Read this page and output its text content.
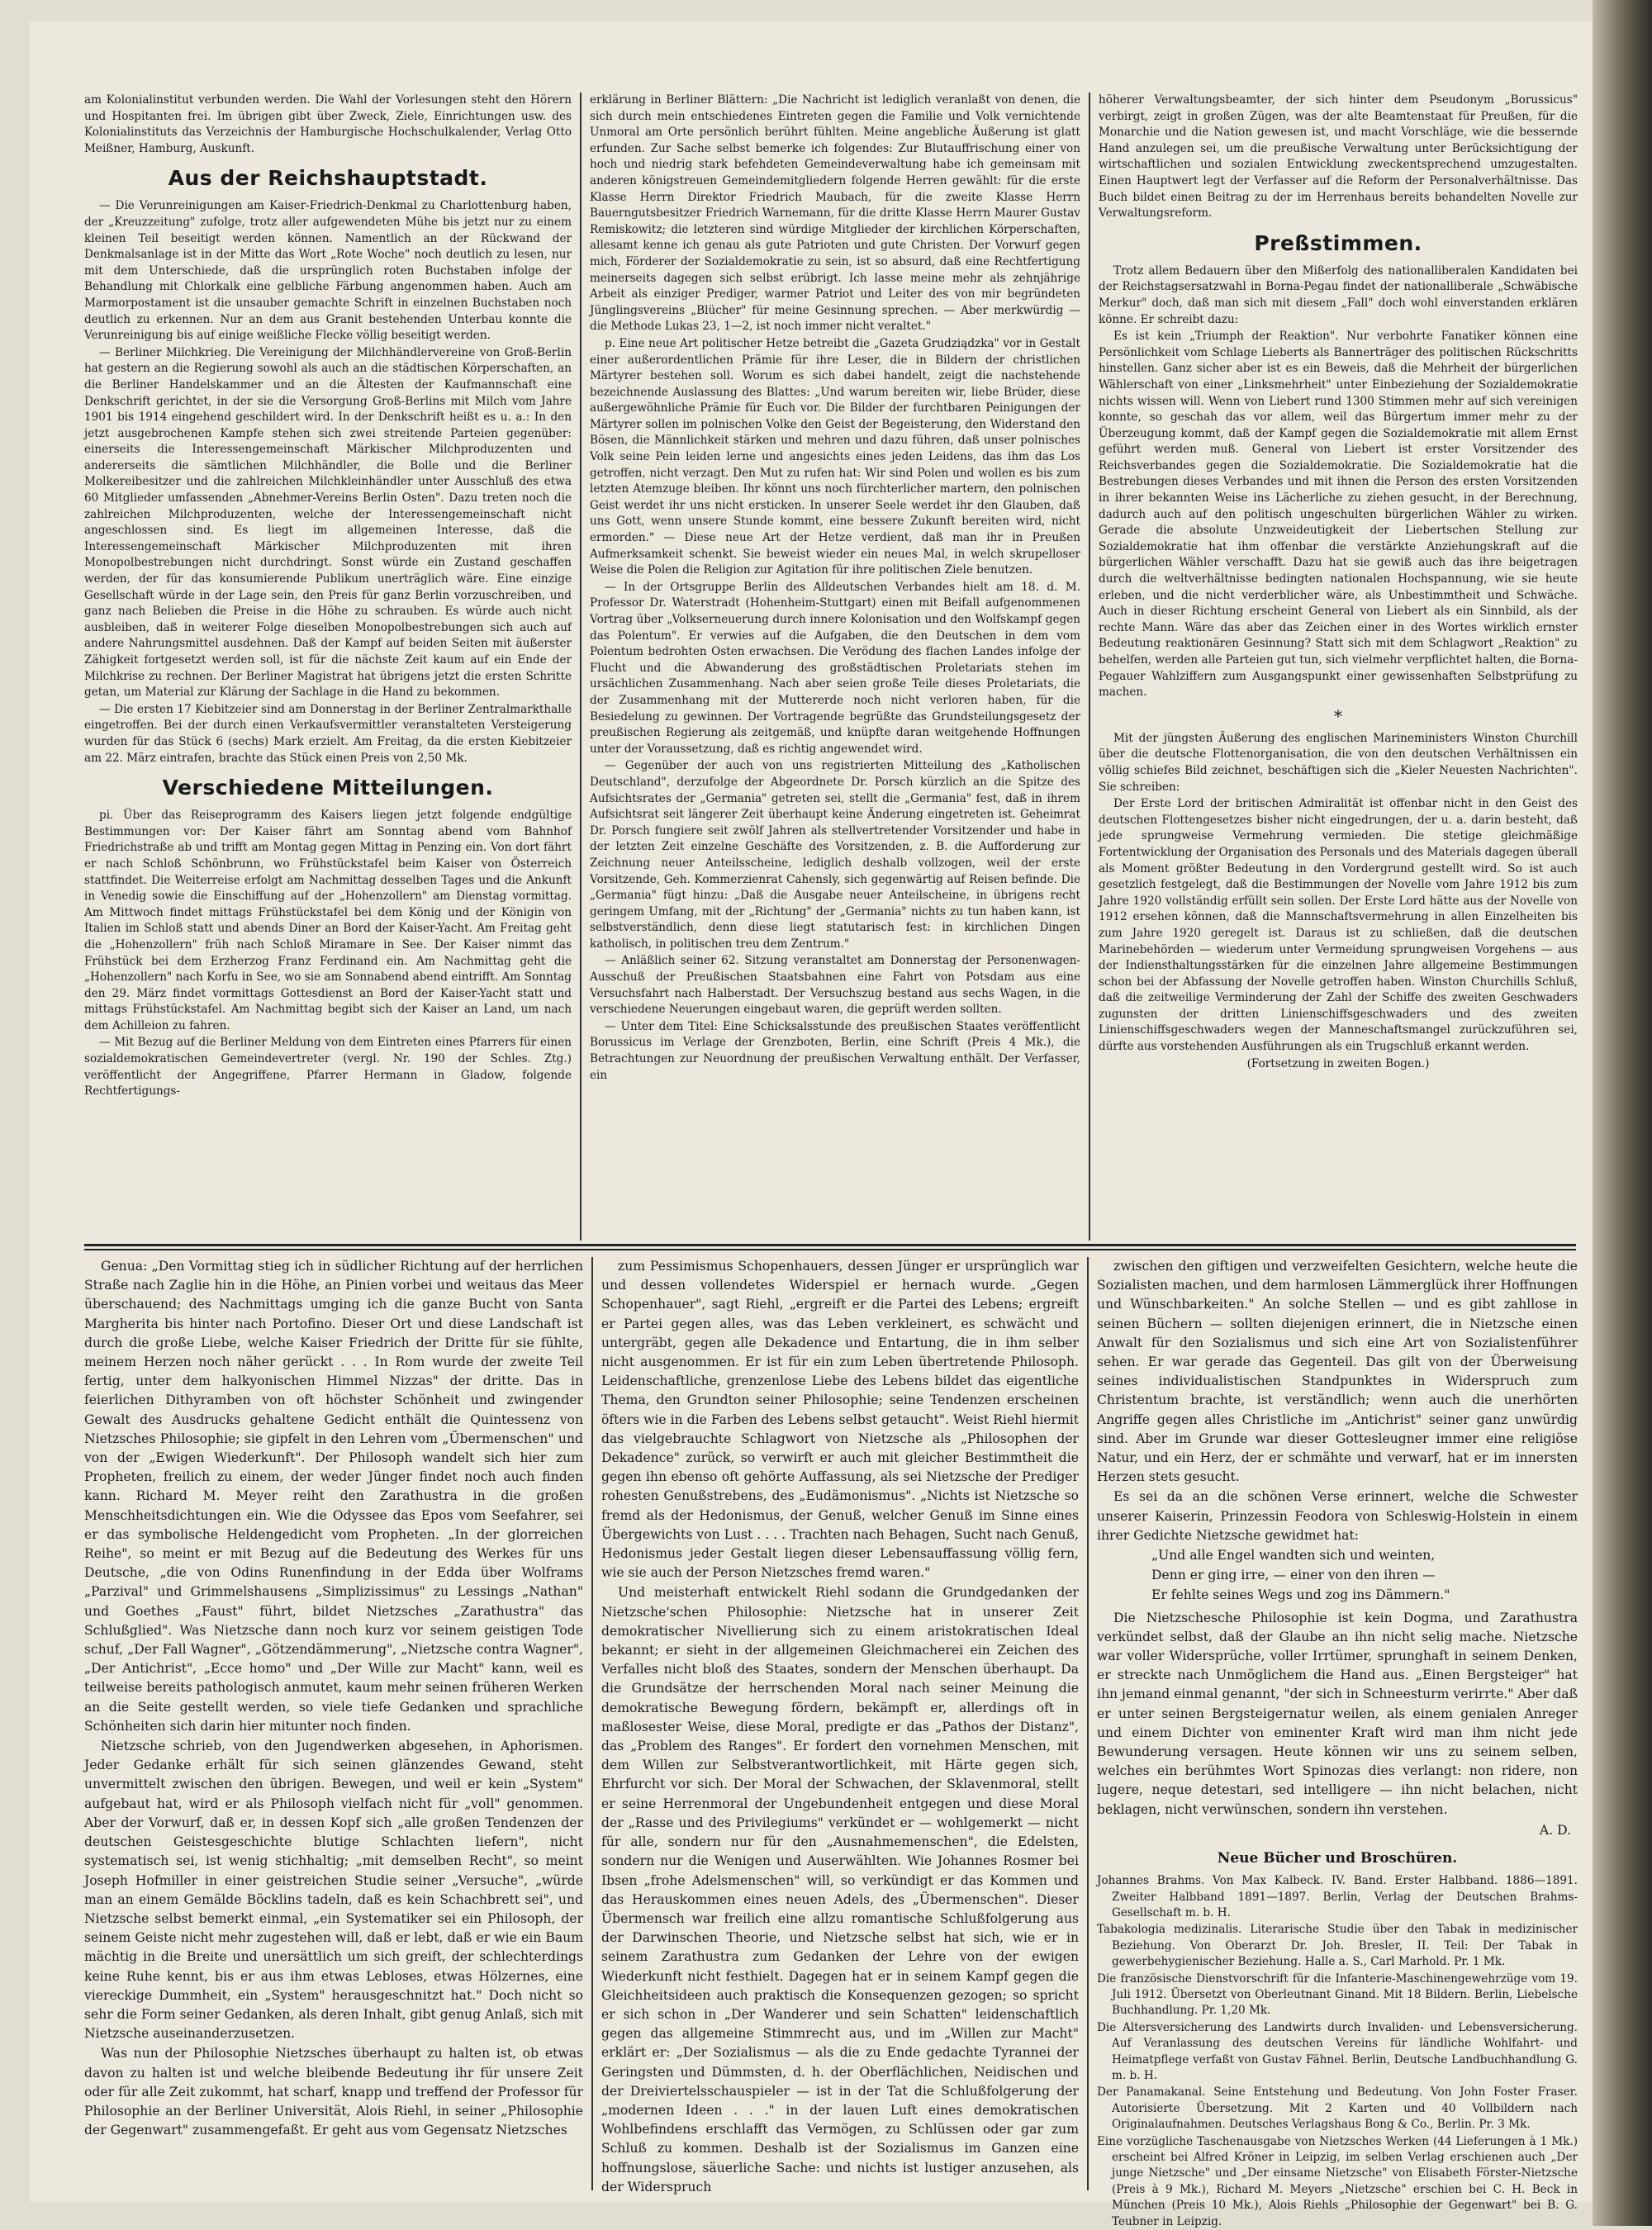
am Kolonialinstitut verbunden werden. Die Wahl der Vorlesungen steht den Hörern und Hospitanten frei. Im übrigen gibt über Zweck, Ziele, Einrichtungen usw. des Kolonialinstituts das Verzeichnis der Hamburgische Hochschulkalender, Verlag Otto Meißner, Hamburg, Auskunft.

Aus der Reichshauptstadt.

— Die Verunreinigungen am Kaiser-Friedrich-Denkmal zu Charlottenburg haben, der „Kreuzzeitung" zufolge, trotz aller aufgewendeten Mühe bis jetzt nur zu einem kleinen Teil beseitigt werden können. Namentlich an der Rückwand der Denkmalsanlage ist in der Mitte das Wort „Rote Woche" noch deutlich zu lesen, nur mit dem Unterschiede, daß die ursprünglich roten Buchstaben infolge der Behandlung mit Chlorkalk eine gelbliche Färbung angenommen haben. Auch am Marmorpostament ist die unsauber gemachte Schrift in einzelnen Buchstaben noch deutlich zu erkennen. Nur an dem aus Granit bestehenden Unterbau konnte die Verunreinigung bis auf einige weißliche Flecke völlig beseitigt werden.

— Berliner Milchkrieg. Die Vereinigung der Milchhändlervereine von Groß-Berlin hat gestern an die Regierung sowohl als auch an die städtischen Körperschaften, an die Berliner Handelskammer und an die Ältesten der Kaufmannschaft eine Denkschrift gerichtet, in der sie die Versorgung Groß-Berlins mit Milch vom Jahre 1901 bis 1914 eingehend geschildert wird. In der Denkschrift heißt es u. a.: In den jetzt ausgebrochenen Kampfe stehen sich zwei streitende Parteien gegenüber: einerseits die Interessengemeinschaft Märkischer Milchproduzenten und andererseits die sämtlichen Milchhändler, die Bolle und die Berliner Molkereibesitzer und die zahlreichen Milchkleinhändler unter Ausschluß des etwa 60 Mitglieder umfassenden „Abnehmer-Vereins Berlin Osten". Dazu treten noch die zahlreichen Milchproduzenten, welche der Interessengemeinschaft nicht angeschlossen sind. Es liegt im allgemeinen Interesse, daß die Interessengemeinschaft Märkischer Milchproduzenten mit ihren Monopolbestrebungen nicht durchdringt. Sonst würde ein Zustand geschaffen werden, der für das konsumierende Publikum unerträglich wäre. Eine einzige Gesellschaft würde in der Lage sein, den Preis für ganz Berlin vorzuschreiben, und ganz nach Belieben die Preise in die Höhe zu schrauben. Es würde auch nicht ausbleiben, daß in weiterer Folge dieselben Monopolbestrebungen sich auch auf andere Nahrungsmittel ausdehnen. Daß der Kampf auf beiden Seiten mit äußerster Zähigkeit fortgesetzt werden soll, ist für die nächste Zeit kaum auf ein Ende der Milchkrise zu rechnen. Der Berliner Magistrat hat übrigens jetzt die ersten Schritte getan, um Material zur Klärung der Sachlage in die Hand zu bekommen.

— Die ersten 17 Kiebitzeier sind am Donnerstag in der Berliner Zentralmarkthalle eingetroffen. Bei der durch einen Verkaufsvermittler veranstalteten Versteigerung wurden für das Stück 6 (sechs) Mark erzielt. Am Freitag, da die ersten Kiebitzeier am 22. März eintrafen, brachte das Stück einen Preis von 2,50 Mk.

Verschiedene Mitteilungen.

pi. Über das Reiseprogramm des Kaisers liegen jetzt folgende endgültige Bestimmungen vor: Der Kaiser fährt am Sonntag abend vom Bahnhof Friedrichstraße ab und trifft am Montag gegen Mittag in Penzing ein. Von dort fährt er nach Schloß Schönbrunn, wo Frühstückstafel beim Kaiser von Österreich stattfindet. Die Weiterreise erfolgt am Nachmittag desselben Tages und die Ankunft in Venedig sowie die Einschiffung auf der „Hohenzollern" am Dienstag vormittag. Am Mittwoch findet mittags Frühstückstafel bei dem König und der Königin von Italien im Schloß statt und abends Diner an Bord der Kaiser-Yacht. Am Freitag geht die „Hohenzollern" früh nach Schloß Miramare in See. Der Kaiser nimmt das Frühstück bei dem Erzherzog Franz Ferdinand ein. Am Nachmittag geht die „Hohenzollern" nach Korfu in See, wo sie am Sonnabend abend eintrifft. Am Sonntag den 29. März findet vormittags Gottesdienst an Bord der Kaiser-Yacht statt und mittags Frühstückstafel. Am Nachmittag begibt sich der Kaiser an Land, um nach dem Achilleion zu fahren.

— Mit Bezug auf die Berliner Meldung von dem Eintreten eines Pfarrers für einen sozialdemokratischen Gemeindevertreter (vergl. Nr. 190 der Schles. Ztg.) veröffentlicht der Angegriffene, Pfarrer Hermann in Gladow, folgende Rechtfertigungs-

erklärung in Berliner Blättern: „Die Nachricht ist lediglich veranlaßt von denen, die sich durch mein entschiedenes Eintreten gegen die Familie und Volk vernichtende Unmoral am Orte persönlich berührt fühlten. Meine angebliche Äußerung ist glatt erfunden. Zur Sache selbst bemerke ich folgendes: Zur Blutauffrischung einer von hoch und niedrig stark befehdeten Gemeindeverwaltung habe ich gemeinsam mit anderen königstreuen Gemeindemitgliedern folgende Herren gewählt: für die erste Klasse Herrn Direktor Friedrich Maubach, für die zweite Klasse Herrn Bauerngutsbesitzer Friedrich Warnemann, für die dritte Klasse Herrn Maurer Gustav Remiskowitz; die letzteren sind würdige Mitglieder der kirchlichen Körperschaften, allesamt kenne ich genau als gute Patrioten und gute Christen. Der Vorwurf gegen mich, Förderer der Sozialdemokratie zu sein, ist so absurd, daß eine Rechtfertigung meinerseits dagegen sich selbst erübrigt. Ich lasse meine mehr als zehnjährige Arbeit als einziger Prediger, warmer Patriot und Leiter des von mir begründeten Jünglingsvereins „Blücher" für meine Gesinnung sprechen. — Aber merkwürdig — die Methode Lukas 23, 1—2, ist noch immer nicht veraltet."

p. Eine neue Art politischer Hetze betreibt die „Gazeta Grudziądzka" vor in Gestalt einer außerordentlichen Prämie für ihre Leser, die in Bildern der christlichen Märtyrer bestehen soll. Worum es sich dabei handelt, zeigt die nachstehende bezeichnende Auslassung des Blattes: „Und warum bereiten wir, liebe Brüder, diese außergewöhnliche Prämie für Euch vor. Die Bilder der furchtbaren Peinigungen der Märtyrer sollen im polnischen Volke den Geist der Begeisterung, den Widerstand den Bösen, die Männlichkeit stärken und mehren und dazu führen, daß unser polnisches Volk seine Pein leiden lerne und angesichts eines jeden Leidens, das ihm das Los getroffen, nicht verzagt. Den Mut zu rufen hat: Wir sind Polen und wollen es bis zum letzten Atemzuge bleiben. Ihr könnt uns noch fürchterlicher martern, den polnischen Geist werdet ihr uns nicht ersticken. In unserer Seele werdet ihr den Glauben, daß uns Gott, wenn unsere Stunde kommt, eine bessere Zukunft bereiten wird, nicht ermorden." — Diese neue Art der Hetze verdient, daß man ihr in Preußen Aufmerksamkeit schenkt. Sie beweist wieder ein neues Mal, in welch skrupelloser Weise die Polen die Religion zur Agitation für ihre politischen Ziele benutzen.

— In der Ortsgruppe Berlin des Alldeutschen Verbandes hielt am 18. d. M. Professor Dr. Waterstradt (Hohenheim-Stuttgart) einen mit Beifall aufgenommenen Vortrag über „Volkserneuerung durch innere Kolonisation und den Wolfskampf gegen das Polentum". Er verwies auf die Aufgaben, die den Deutschen in dem vom Polentum bedrohten Osten erwachsen. Die Verödung des flachen Landes infolge der Flucht und die Abwanderung des großstädtischen Proletariats stehen im ursächlichen Zusammenhang. Nach aber seien große Teile dieses Proletariats, die der Zusammenhang mit der Muttererde noch nicht verloren haben, für die Besiedelung zu gewinnen. Der Vortragende begrüßte das Grundsteilungsgesetz der preußischen Regierung als zeitgemäß, und knüpfte daran weitgehende Hoffnungen unter der Voraussetzung, daß es richtig angewendet wird.

— Gegenüber der auch von uns registrierten Mitteilung des „Katholischen Deutschland", derzufolge der Abgeordnete Dr. Porsch kürzlich an die Spitze des Aufsichtsrates der „Germania" getreten sei, stellt die „Germania" fest, daß in ihrem Aufsichtsrat seit längerer Zeit überhaupt keine Änderung eingetreten ist. Geheimrat Dr. Porsch fungiere seit zwölf Jahren als stellvertretender Vorsitzender und habe in der letzten Zeit einzelne Geschäfte des Vorsitzenden, z. B. die Aufforderung zur Zeichnung neuer Anteilsscheine, lediglich deshalb vollzogen, weil der erste Vorsitzende, Geh. Kommerzienrat Cahensly, sich gegenwärtig auf Reisen befinde. Die „Germania" fügt hinzu: „Daß die Ausgabe neuer Anteilscheine, in übrigens recht geringem Umfang, mit der „Richtung" der „Germania" nichts zu tun haben kann, ist selbstverständlich, denn diese liegt statutarisch fest: in kirchlichen Dingen katholisch, in politischen treu dem Zentrum."

— Anläßlich seiner 62. Sitzung veranstaltet am Donnerstag der Personenwagen-Ausschuß der Preußischen Staatsbahnen eine Fahrt von Potsdam aus eine Versuchsfahrt nach Halberstadt. Der Versuchszug bestand aus sechs Wagen, in die verschiedene Neuerungen eingebaut waren, die geprüft werden sollten.

— Unter dem Titel: Eine Schicksalsstunde des preußischen Staates veröffentlicht Borussicus im Verlage der Grenzboten, Berlin, eine Schrift (Preis 4 Mk.), die Betrachtungen zur Neuordnung der preußischen Verwaltung enthält. Der Verfasser, ein

höherer Verwaltungsbeamter, der sich hinter dem Pseudonym „Borussicus" verbirgt, zeigt in großen Zügen, was der alte Beamtenstaat für Preußen, für die Monarchie und die Nation gewesen ist, und macht Vorschläge, wie die bessernde Hand anzulegen sei, um die preußische Verwaltung unter Berücksichtigung der wirtschaftlichen und sozialen Entwicklung zweckentsprechend umzugestalten. Einen Hauptwert legt der Verfasser auf die Reform der Personalverhältnisse. Das Buch bildet einen Beitrag zu der im Herrenhaus bereits behandelten Novelle zur Verwaltungsreform.

Preßstimmen.

Trotz allem Bedauern über den Mißerfolg des nationalliberalen Kandidaten bei der Reichstagsersatzwahl in Borna-Pegau findet der nationalliberale „Schwäbische Merkur" doch, daß man sich mit diesem „Fall" doch wohl einverstanden erklären könne. Er schreibt dazu:

Es ist kein „Triumph der Reaktion". Nur verbohrte Fanatiker können eine Persönlichkeit vom Schlage Lieberts als Bannerträger des politischen Rückschritts hinstellen. Ganz sicher aber ist es ein Beweis, daß die Mehrheit der bürgerlichen Wählerschaft von einer „Linksmehrheit" unter Einbeziehung der Sozialdemokratie nichts wissen will. Wenn von Liebert rund 1300 Stimmen mehr auf sich vereinigen konnte, so geschah das vor allem, weil das Bürgertum immer mehr zu der Überzeugung kommt, daß der Kampf gegen die Sozialdemokratie mit allem Ernst geführt werden muß. General von Liebert ist erster Vorsitzender des Reichsverbandes gegen die Sozialdemokratie. Die Sozialdemokratie hat die Bestrebungen dieses Verbandes und mit ihnen die Person des ersten Vorsitzenden in ihrer bekannten Weise ins Lächerliche zu ziehen gesucht, in der Berechnung, dadurch auch auf den politisch ungeschulten bürgerlichen Wähler zu wirken. Gerade die absolute Unzweideutigkeit der Liebertschen Stellung zur Sozialdemokratie hat ihm offenbar die verstärkte Anziehungskraft auf die bürgerlichen Wähler verschafft. Dazu hat sie gewiß auch das ihre beigetragen durch die weltverhältnisse bedingten nationalen Hochspannung, wie sie heute erleben, und die nicht verderblicher wäre, als Unbestimmtheit und Schwäche. Auch in dieser Richtung erscheint General von Liebert als ein Sinnbild, als der rechte Mann. Wäre das aber das Zeichen einer in des Wortes wirklich ernster Bedeutung reaktionären Gesinnung? Statt sich mit dem Schlagwort „Reaktion" zu behelfen, werden alle Parteien gut tun, sich vielmehr verpflichtet halten, die Borna-Pegauer Wahlziffern zum Ausgangspunkt einer gewissenhaften Selbstprüfung zu machen.

*

Mit der jüngsten Äußerung des englischen Marineministers Winston Churchill über die deutsche Flottenorganisation, die von den deutschen Verhältnissen ein völlig schiefes Bild zeichnet, beschäftigen sich die „Kieler Neuesten Nachrichten". Sie schreiben:

Der Erste Lord der britischen Admiralität ist offenbar nicht in den Geist des deutschen Flottengesetzes bisher nicht eingedrungen, der u. a. darin besteht, daß jede sprungweise Vermehrung vermieden. Die stetige gleichmäßige Fortentwicklung der Organisation des Personals und des Materials dagegen überall als Moment größter Bedeutung in den Vordergrund gestellt wird. So ist auch gesetzlich festgelegt, daß die Bestimmungen der Novelle vom Jahre 1912 bis zum Jahre 1920 vollständig erfüllt sein sollen. Der Erste Lord hätte aus der Novelle von 1912 ersehen können, daß die Mannschaftsvermehrung in allen Einzelheiten bis zum Jahre 1920 geregelt ist. Daraus ist zu schließen, daß die deutschen Marinebehörden — wiederum unter Vermeidung sprungweisen Vorgehens — aus der Indiensthaltungsstärken für die einzelnen Jahre allgemeine Bestimmungen schon bei der Abfassung der Novelle getroffen haben. Winston Churchills Schluß, daß die zeitweilige Verminderung der Zahl der Schiffe des zweiten Geschwaders zugunsten der dritten Linienschiffsgeschwaders und des zweiten Linienschiffsgeschwaders wegen der Manneschaftsmangel zurückzuführen sei, dürfte aus vorstehenden Ausführungen als ein Trugschluß erkannt werden.

(Fortsetzung in zweiten Bogen.)

Genua: „Den Vormittag stieg ich in südlicher Richtung auf der herrlichen Straße nach Zaglie hin in die Höhe, an Pinien vorbei und weitaus das Meer überschauend; des Nachmittags umging ich die ganze Bucht von Santa Margherita bis hinter nach Portofino. Dieser Ort und diese Landschaft ist durch die große Liebe, welche Kaiser Friedrich der Dritte für sie fühlte, meinem Herzen noch näher gerückt . . . In Rom wurde der zweite Teil fertig, unter dem halkyonischen Himmel Nizzas" der dritte. Das in feierlichen Dithyramben von oft höchster Schönheit und zwingender Gewalt des Ausdrucks gehaltene Gedicht enthält die Quintessenz von Nietzsches Philosophie; sie gipfelt in den Lehren vom „Übermenschen" und von der „Ewigen Wiederkunft". Der Philosoph wandelt sich hier zum Propheten, freilich zu einem, der weder Jünger findet noch auch finden kann. Richard M. Meyer reiht den Zarathustra in die großen Menschheitsdichtungen ein. Wie die Odyssee das Epos vom Seefahrer, sei er das symbolische Heldengedicht vom Propheten. „In der glorreichen Reihe", so meint er mit Bezug auf die Bedeutung des Werkes für uns Deutsche, „die von Odins Runenfindung in der Edda über Wolframs „Parzival" und Grimmelshausens „Simplizissimus" zu Lessings „Nathan" und Goethes „Faust" führt, bildet Nietzsches „Zarathustra" das Schlußglied". Was Nietzsche dann noch kurz vor seinem geistigen Tode schuf, „Der Fall Wagner", „Götzendämmerung", „Nietzsche contra Wagner", „Der Antichrist", „Ecce homo" und „Der Wille zur Macht" kann, weil es teilweise bereits pathologisch anmutet, kaum mehr seinen früheren Werken an die Seite gestellt werden, so viele tiefe Gedanken und sprachliche Schönheiten sich darin hier mitunter noch finden.

Nietzsche schrieb, von den Jugendwerken abgesehen, in Aphorismen. Jeder Gedanke erhält für sich seinen glänzendes Gewand, steht unvermittelt zwischen den übrigen. Bewegen, und weil er kein „System" aufgebaut hat, wird er als Philosoph vielfach nicht für „voll" genommen. Aber der Vorwurf, daß er, in dessen Kopf sich „alle großen Tendenzen der deutschen Geistesgeschichte blutige Schlachten liefern", nicht systematisch sei, ist wenig stichhaltig; „mit demselben Recht", so meint Joseph Hofmiller in einer geistreichen Studie seiner „Versuche", „würde man an einem Gemälde Böcklins tadeln, daß es kein Schachbrett sei", und Nietzsche selbst bemerkt einmal, „ein Systematiker sei ein Philosoph, der seinem Geiste nicht mehr zugestehen will, daß er lebt, daß er wie ein Baum mächtig in die Breite und unersättlich um sich greift, der schlechterdings keine Ruhe kennt, bis er aus ihm etwas Lebloses, etwas Hölzernes, eine viereckige Dummheit, ein „System" herausgeschnitzt hat." Doch nicht so sehr die Form seiner Gedanken, als deren Inhalt, gibt genug Anlaß, sich mit Nietzsche auseinanderzusetzen.

Was nun der Philosophie Nietzsches überhaupt zu halten ist, ob etwas davon zu halten ist und welche bleibende Bedeutung ihr für unsere Zeit oder für alle Zeit zukommt, hat scharf, knapp und treffend der Professor für Philosophie an der Berliner Universität, Alois Riehl, in seiner „Philosophie der Gegenwart" zusammengefaßt. Er geht aus vom Gegensatz Nietzsches

zum Pessimismus Schopenhauers, dessen Jünger er ursprünglich war und dessen vollendetes Widerspiel er hernach wurde. „Gegen Schopenhauer", sagt Riehl, „ergreift er die Partei des Lebens; ergreift er Partei gegen alles, was das Leben verkleinert, es schwächt und untergräbt, gegen alle Dekadence und Entartung, die in ihm selber nicht ausgenommen. Er ist für ein zum Leben übertretende Philosoph. Leidenschaftliche, grenzenlose Liebe des Lebens bildet das eigentliche Thema, den Grundton seiner Philosophie; seine Tendenzen erscheinen öfters wie in die Farben des Lebens selbst getaucht". Weist Riehl hiermit das vielgebrauchte Schlagwort von Nietzsche als „Philosophen der Dekadence" zurück, so verwirft er auch mit gleicher Bestimmtheit die gegen ihn ebenso oft gehörte Auffassung, als sei Nietzsche der Prediger rohesten Genußstrebens, des „Eudämonismus". „Nichts ist Nietzsche so fremd als der Hedonismus, der Genuß, welcher Genuß im Sinne eines Übergewichts von Lust . . . . Trachten nach Behagen, Sucht nach Genuß, Hedonismus jeder Gestalt liegen dieser Lebensauffassung völlig fern, wie sie auch der Person Nietzsches fremd waren."

Und meisterhaft entwickelt Riehl sodann die Grundgedanken der Nietzsche'schen Philosophie: Nietzsche hat in unserer Zeit demokratischer Nivellierung sich zu einem aristokratischen Ideal bekannt; er sieht in der allgemeinen Gleichmacherei ein Zeichen des Verfalles nicht bloß des Staates, sondern der Menschen überhaupt. Da die Grundsätze der herrschenden Moral nach seiner Meinung die demokratische Bewegung fördern, bekämpft er, allerdings oft in maßlosester Weise, diese Moral, predigte er das „Pathos der Distanz", das „Problem des Ranges". Er fordert den vornehmen Menschen, mit dem Willen zur Selbstverantwortlichkeit, mit Härte gegen sich, Ehrfurcht vor sich. Der Moral der Schwachen, der Sklavenmoral, stellt er seine Herrenmoral der Ungebundenheit entgegen und diese Moral der „Rasse und des Privilegiums" verkündet er — wohlgemerkt — nicht für alle, sondern nur für den „Ausnahmemenschen", die Edelsten, sondern nur die Wenigen und Auserwählten. Wie Johannes Rosmer bei Ibsen „frohe Adelsmenschen" will, so verkündigt er das Kommen und das Herauskommen eines neuen Adels, des „Übermenschen". Dieser Übermensch war freilich eine allzu romantische Schlußfolgerung aus der Darwinschen Theorie, und Nietzsche selbst hat sich, wie er in seinem Zarathustra zum Gedanken der Lehre von der ewigen Wiederkunft nicht festhielt. Dagegen hat er in seinem Kampf gegen die Gleichheitsideen auch praktisch die Konsequenzen gezogen; so spricht er sich schon in „Der Wanderer und sein Schatten" leidenschaftlich gegen das allgemeine Stimmrecht aus, und im „Willen zur Macht" erklärt er: „Der Sozialismus — als die zu Ende gedachte Tyrannei der Geringsten und Dümmsten, d. h. der Oberflächlichen, Neidischen und der Dreiviertelsschauspieler — ist in der Tat die Schlußfolgerung der „modernen Ideen . . ." in der lauen Luft eines demokratischen Wohlbefindens erschlafft das Vermögen, zu Schlüssen oder gar zum Schluß zu kommen. Deshalb ist der Sozialismus im Ganzen eine hoffnungslose, säuerliche Sache: und nichts ist lustiger anzusehen, als der Widerspruch

zwischen den giftigen und verzweifelten Gesichtern, welche heute die Sozialisten machen, und dem harmlosen Lämmerglück ihrer Hoffnungen und Wünschbarkeiten." An solche Stellen — und es gibt zahllose in seinen Büchern — sollten diejenigen erinnert, die in Nietzsche einen Anwalt für den Sozialismus und sich eine Art von Sozialistenführer sehen. Er war gerade das Gegenteil. Das gilt von der Überweisung seines individualistischen Standpunktes in Widerspruch zum Christentum brachte, ist verständlich; wenn auch die unerhörten Angriffe gegen alles Christliche im „Antichrist" seiner ganz unwürdig sind. Aber im Grunde war dieser Gottesleugner immer eine religiöse Natur, und ein Herz, der er schmähte und verwarf, hat er im innersten Herzen stets gesucht.

Es sei da an die schönen Verse erinnert, welche die Schwester unserer Kaiserin, Prinzessin Feodora von Schleswig-Holstein in einem ihrer Gedichte Nietzsche gewidmet hat:

„Und alle Engel wandten sich und weinten,

Denn er ging irre, — einer von den ihren —

Er fehlte seines Wegs und zog ins Dämmern."

Die Nietzschesche Philosophie ist kein Dogma, und Zarathustra verkündet selbst, daß der Glaube an ihn nicht selig mache. Nietzsche war voller Widersprüche, voller Irrtümer, sprunghaft in seinem Denken, er streckte nach Unmöglichem die Hand aus. „Einen Bergsteiger" hat ihn jemand einmal genannt, "der sich in Schneesturm verirrte." Aber daß er unter seinen Bergsteigernatur weilen, als einem genialen Anreger und einem Dichter von eminenter Kraft wird man ihm nicht jede Bewunderung versagen. Heute können wir uns zu seinem selben, welches ein berühmtes Wort Spinozas dies verlangt: non ridere, non lugere, neque detestari, sed intelligere — ihn nicht belachen, nicht beklagen, nicht verwünschen, sondern ihn verstehen.

A. D.

Neue Bücher und Broschüren.

Johannes Brahms. Von Max Kalbeck. IV. Band. Erster Halbband. 1886—1891. Zweiter Halbband 1891—1897. Berlin, Verlag der Deutschen Brahms-Gesellschaft m. b. H.

Tabakologia medizinalis. Literarische Studie über den Tabak in medizinischer Beziehung. Von Oberarzt Dr. Joh. Bresler, II. Teil: Der Tabak in gewerbehygienischer Beziehung. Halle a. S., Carl Marhold. Pr. 1 Mk.

Die französische Dienstvorschrift für die Infanterie-Maschinengewehrzüge vom 19. Juli 1912. Übersetzt von Oberleutnant Ginand. Mit 18 Bildern. Berlin, Liebelsche Buchhandlung. Pr. 1,20 Mk.

Die Altersversicherung des Landwirts durch Invaliden- und Lebensversicherung. Auf Veranlassung des deutschen Vereins für ländliche Wohlfahrt- und Heimatpflege verfaßt von Gustav Fähnel. Berlin, Deutsche Landbuchhandlung G. m. b. H.

Der Panamakanal. Seine Entstehung und Bedeutung. Von John Foster Fraser. Autorisierte Übersetzung. Mit 2 Karten und 40 Vollbildern nach Originalaufnahmen. Deutsches Verlagshaus Bong & Co., Berlin. Pr. 3 Mk.

Eine vorzügliche Taschenausgabe von Nietzsches Werken (44 Lieferungen à 1 Mk.) erscheint bei Alfred Kröner in Leipzig, im selben Verlag erschienen auch „Der junge Nietzsche" und „Der einsame Nietzsche" von Elisabeth Förster-Nietzsche (Preis à 9 Mk.), Richard M. Meyers „Nietzsche" erschien bei C. H. Beck in München (Preis 10 Mk.), Alois Riehls „Philosophie der Gegenwart" bei B. G. Teubner in Leipzig.
